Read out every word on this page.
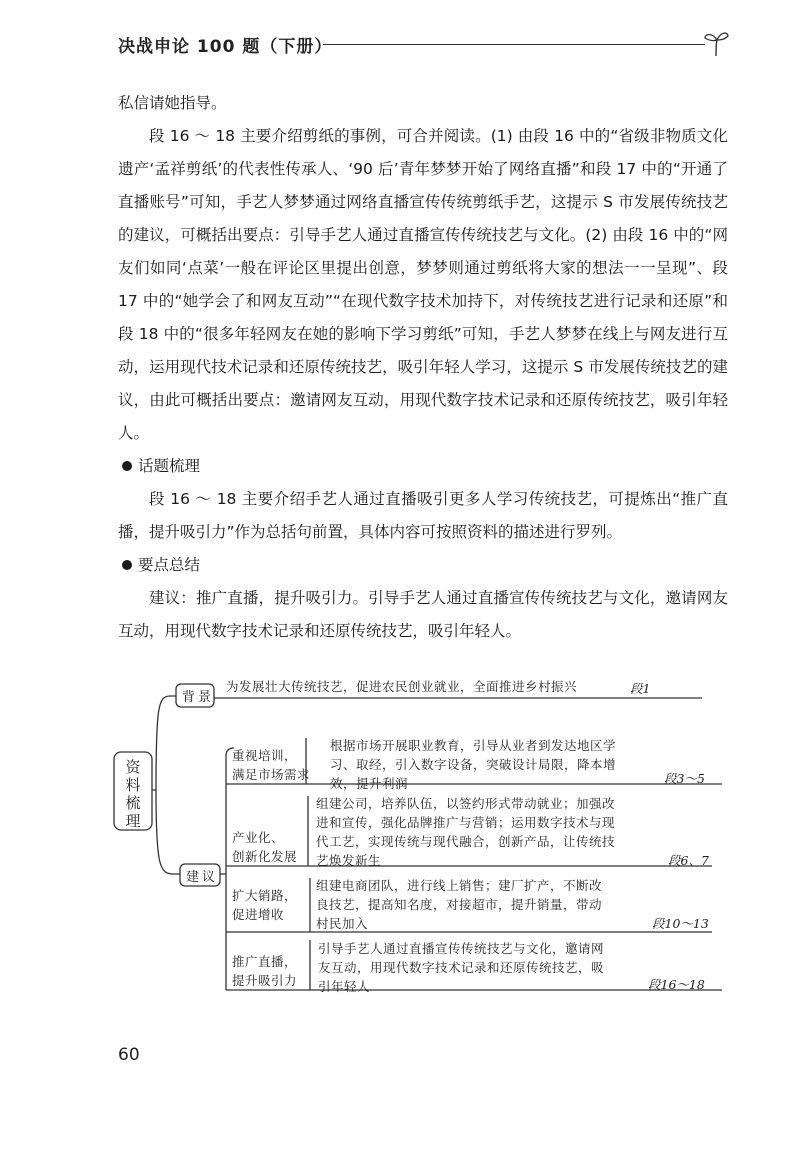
决战申论 100 题（下册）

私信请她指导。

段 16 ～ 18 主要介绍剪纸的事例，可合并阅读。(1) 由段 16 中的“省级非物质文化遗产‘孟祥剪纸’的代表性传承人、‘90 后’青年梦梦开始了网络直播”和段 17 中的“开通了直播账号”可知，手艺人梦梦通过网络直播宣传传统剪纸手艺，这提示 S 市发展传统技艺的建议，可概括出要点：引导手艺人通过直播宣传传统技艺与文化。(2) 由段 16 中的“网友们如同‘点菜’一般在评论区里提出创意，梦梦则通过剪纸将大家的想法一一呈现”、段 17 中的“她学会了和网友互动”“在现代数字技术加持下，对传统技艺进行记录和还原”和段 18 中的“很多年轻网友在她的影响下学习剪纸”可知，手艺人梦梦在线上与网友进行互动，运用现代技术记录和还原传统技艺，吸引年轻人学习，这提示 S 市发展传统技艺的建议，由此可概括出要点：邀请网友互动，用现代数字技术记录和还原传统技艺，吸引年轻人。

话题梳理

段 16 ～ 18 主要介绍手艺人通过直播吸引更多人学习传统技艺，可提炼出“推广直播，提升吸引力”作为总括句前置，具体内容可按照资料的描述进行罗列。

要点总结

建议：推广直播，提升吸引力。引导手艺人通过直播宣传传统技艺与文化，邀请网友互动，用现代数字技术记录和还原传统技艺，吸引年轻人。

资
料
梳
理
背景
为发展壮大传统技艺，促进农民创业就业，全面推进乡村振兴	段1
建议
重视培训，
满足市场需求
根据市场开展职业教育，引导从业者到发达地区学
习、取经，引入数字设备，突破设计局限，降本增
效，提升利润	段3～5
产业化、
创新化发展
组建公司，培养队伍，以签约形式带动就业；加强改
进和宣传，强化品牌推广与营销；运用数字技术与现
代工艺，实现传统与现代融合，创新产品，让传统技
艺焕发新生	段6、7
扩大销路，
促进增收
组建电商团队，进行线上销售；建厂扩产，不断改
良技艺，提高知名度，对接超市，提升销量，带动
村民加入	段10～13
推广直播，
提升吸引力
引导手艺人通过直播宣传传统技艺与文化，邀请网
友互动，用现代数字技术记录和还原传统技艺，吸
引年轻人	段16～18
60
